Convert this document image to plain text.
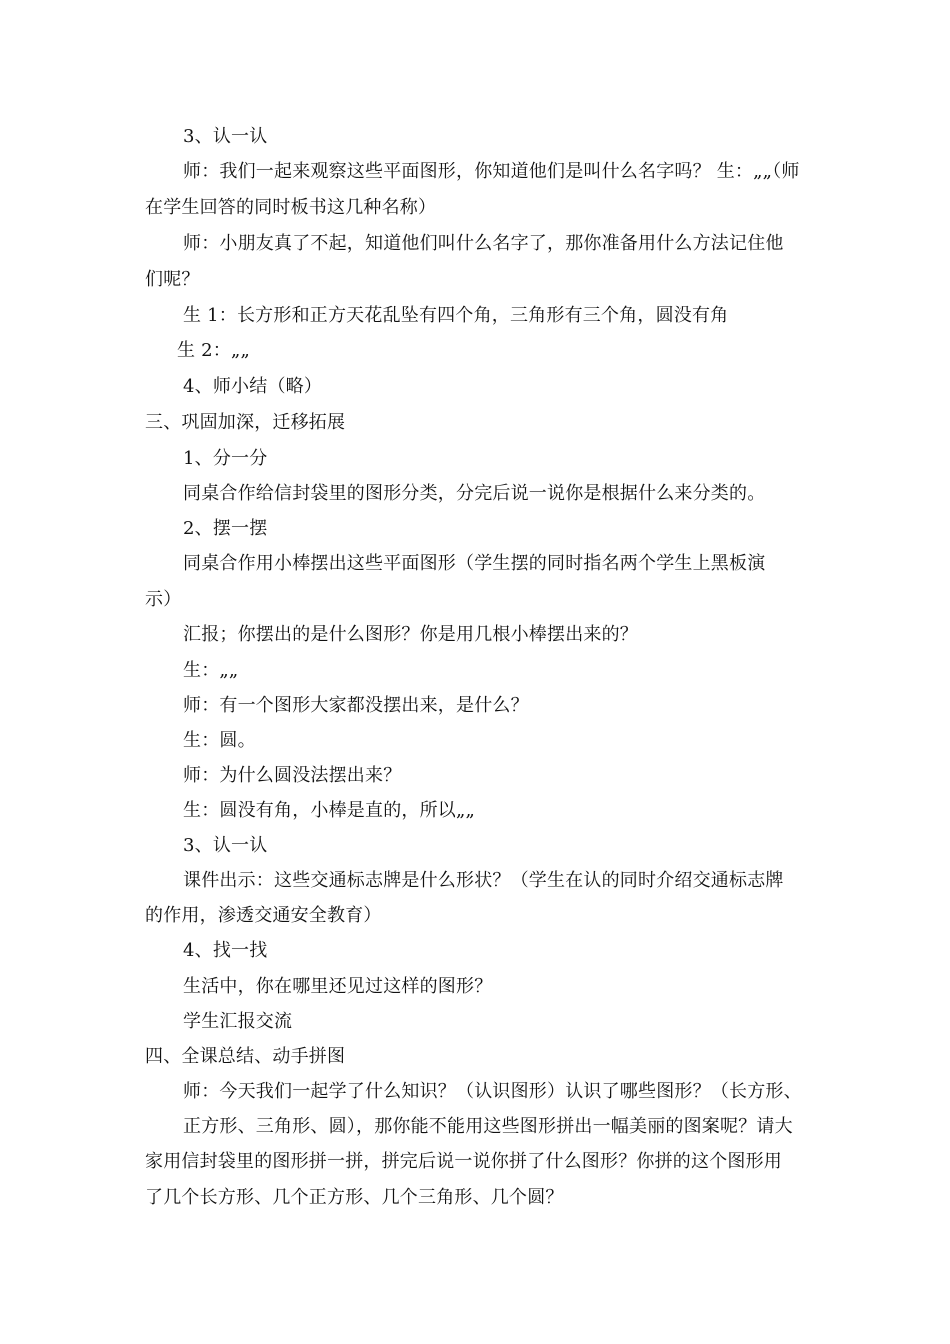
3、认一认
师：我们一起来观察这些平面图形，你知道他们是叫什么名字吗？ 生：„„（师
在学生回答的同时板书这几种名称）
师：小朋友真了不起，知道他们叫什么名字了，那你准备用什么方法记住他
们呢？
生 1：长方形和正方天花乱坠有四个角，三角形有三个角，圆没有角
生 2：„„
4、师小结（略）
三、巩固加深，迁移拓展
1、分一分
同桌合作给信封袋里的图形分类，分完后说一说你是根据什么来分类的。
2、摆一摆
同桌合作用小棒摆出这些平面图形（学生摆的同时指名两个学生上黑板演
示）
汇报；你摆出的是什么图形？你是用几根小棒摆出来的？
生：„„
师：有一个图形大家都没摆出来，是什么？
生：圆。
师：为什么圆没法摆出来？
生：圆没有角，小棒是直的，所以„„
3、认一认
课件出示：这些交通标志牌是什么形状？（学生在认的同时介绍交通标志牌
的作用，渗透交通安全教育）
4、找一找
生活中，你在哪里还见过这样的图形？
学生汇报交流
四、全课总结、动手拼图
师：今天我们一起学了什么知识？（认识图形）认识了哪些图形？（长方形、
正方形、三角形、圆），那你能不能用这些图形拼出一幅美丽的图案呢？请大
家用信封袋里的图形拼一拼，拼完后说一说你拼了什么图形？你拼的这个图形用
了几个长方形、几个正方形、几个三角形、几个圆？
